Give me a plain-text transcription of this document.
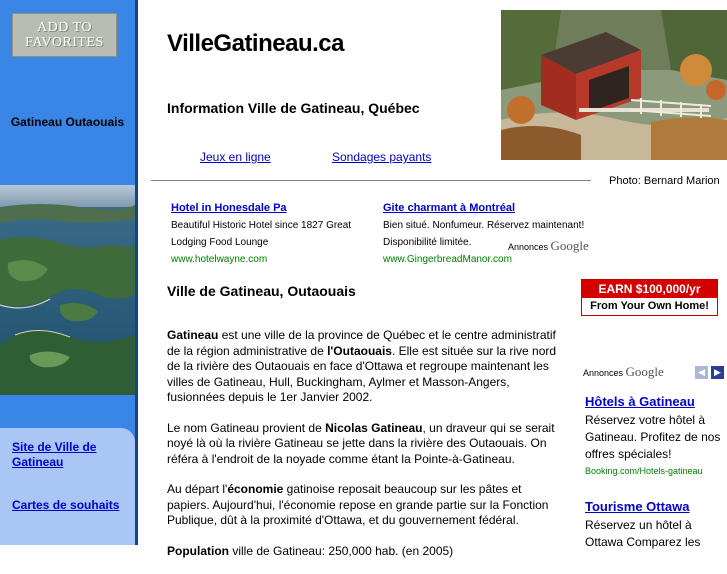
ADD TO
FAVORITES
Gatineau Outaouais
Site de Ville de
Gatineau
Cartes de souhaits
VilleGatineau.ca
Information Ville de Gatineau, Québec
Jeux en ligne	Sondages payants
Photo: Bernard Marion
Hotel in Honesdale Pa
Beautiful Historic Hotel since 1827 Great
Lodging Food Lounge
www.hotelwayne.com
Gite charmant à Montréal
Bien situé. Nonfumeur. Réservez maintenant!
Disponibilité limitée.
www.GingerbreadManor.com
Annonces Google
Ville de Gatineau, Outaouais

Gatineau est une ville de la province de Québec et le centre administratif de la région administrative de l'Outaouais. Elle est située sur la rive nord de la rivière des Outaouais en face d'Ottawa et regroupe maintenant les villes de Gatineau, Hull, Buckingham, Aylmer et Masson-Angers, fusionnées depuis le 1er Janvier 2002.

Le nom Gatineau provient de Nicolas Gatineau, un draveur qui se serait noyé là où la rivière Gatineau se jette dans la rivière des Outaouais. On référa à l'endroit de la noyade comme étant la Pointe-à-Gatineau.

Au départ l'économie gatinoise reposait beaucoup sur les pâtes et papiers. Aujourd'hui, l'économie repose en grande partie sur la Fonction Publique, dût à la proximité d'Ottawa, et du gouvernement fédéral.

Population ville de Gatineau: 250,000 hab. (en 2005)

EARN $100,000/yr
From Your Own Home!
Annonces Google	◀	▶
Hôtels à Gatineau
Réservez votre hôtel à Gatineau. Profitez de nos offres spéciales!
Booking.com/Hotels-gatineau
Tourisme Ottawa
Réservez un hôtel à Ottawa Comparez les
